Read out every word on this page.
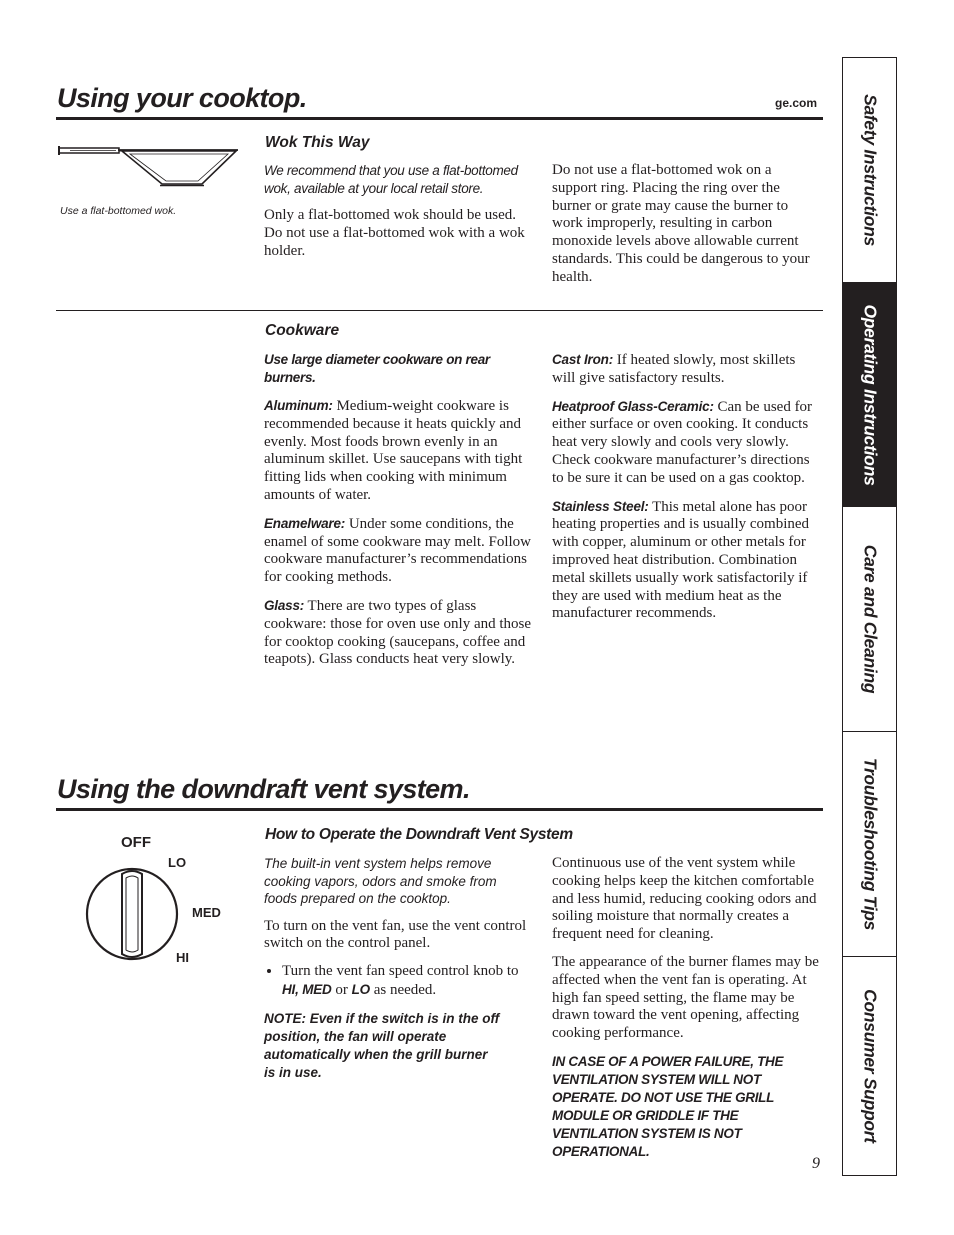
Using your cooktop.	ge.com
Use a flat-bottomed wok.
Wok This Way

We recommend that you use a flat-bottomed wok, available at your local retail store.

Only a flat-bottomed wok should be used. Do not use a flat-bottomed wok with a wok holder.

Do not use a flat-bottomed wok on a support ring. Placing the ring over the burner or grate may cause the burner to work improperly, resulting in carbon monoxide levels above allowable current standards. This could be dangerous to your health.

Cookware

Use large diameter cookware on rear burners.

Aluminum: Medium-weight cookware is recommended because it heats quickly and evenly. Most foods brown evenly in an aluminum skillet. Use saucepans with tight fitting lids when cooking with minimum amounts of water.

Enamelware: Under some conditions, the enamel of some cookware may melt. Follow cookware manufacturer’s recommendations for cooking methods.

Glass: There are two types of glass cookware: those for oven use only and those for cooktop cooking (saucepans, coffee and teapots). Glass conducts heat very slowly.

Cast Iron: If heated slowly, most skillets will give satisfactory results.

Heatproof Glass-Ceramic: Can be used for either surface or oven cooking. It conducts heat very slowly and cools very slowly. Check cookware manufacturer’s directions to be sure it can be used on a gas cooktop.

Stainless Steel: This metal alone has poor heating properties and is usually combined with copper, aluminum or other metals for improved heat distribution. Combination metal skillets usually work satisfactorily if they are used with medium heat as the manufacturer recommends.

Using the downdraft vent system.
How to Operate the Downdraft Vent System
OFF
LO
MED
HI

The built-in vent system helps remove cooking vapors, odors and smoke from foods prepared on the cooktop.

To turn on the vent fan, use the vent control switch on the control panel.

• Turn the vent fan speed control knob to HI, MED or LO as needed.

NOTE: Even if the switch is in the off position, the fan will operate automatically when the grill burner is in use.

Continuous use of the vent system while cooking helps keep the kitchen comfortable and less humid, reducing cooking odors and soiling moisture that normally creates a frequent need for cleaning.

The appearance of the burner flames may be affected when the vent fan is operating. At high fan speed setting, the flame may be drawn toward the vent opening, affecting cooking performance.

IN CASE OF A POWER FAILURE, THE VENTILATION SYSTEM WILL NOT OPERATE. DO NOT USE THE GRILL MODULE OR GRIDDLE IF THE VENTILATION SYSTEM IS NOT OPERATIONAL.

9
Safety Instructions
Operating Instructions
Care and Cleaning
Troubleshooting Tips
Consumer Support
